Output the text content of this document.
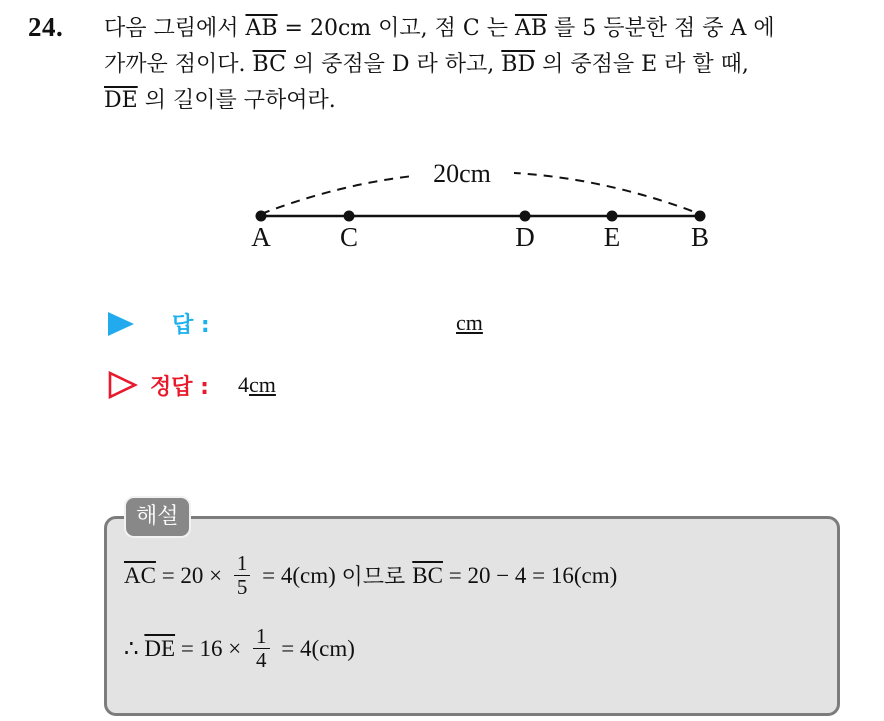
24. 다음 그림에서 $\overline{AB} = 20cm$ 이고, 점 C 는 $\overline{AB}$ 를 5 등분한 점 중 A 에
가까운 점이다. $\overline{BC}$ 의 중점을 D 라 하고, $\overline{BD}$ 의 중점을 E 라 할 때,
$\overline{DE}$ 의 길이를 구하여라.
20cm
A	C	D	E	B
답 :	cm
정답 : 4cm
해설
$\overline{AC} = 20 \times \frac{1}{5} = 4(cm)$ 이므로 $\overline{BC} = 20 - 4 = 16(cm)$
∴ $\overline{DE} = 16 \times \frac{1}{4} = 4(cm)$
